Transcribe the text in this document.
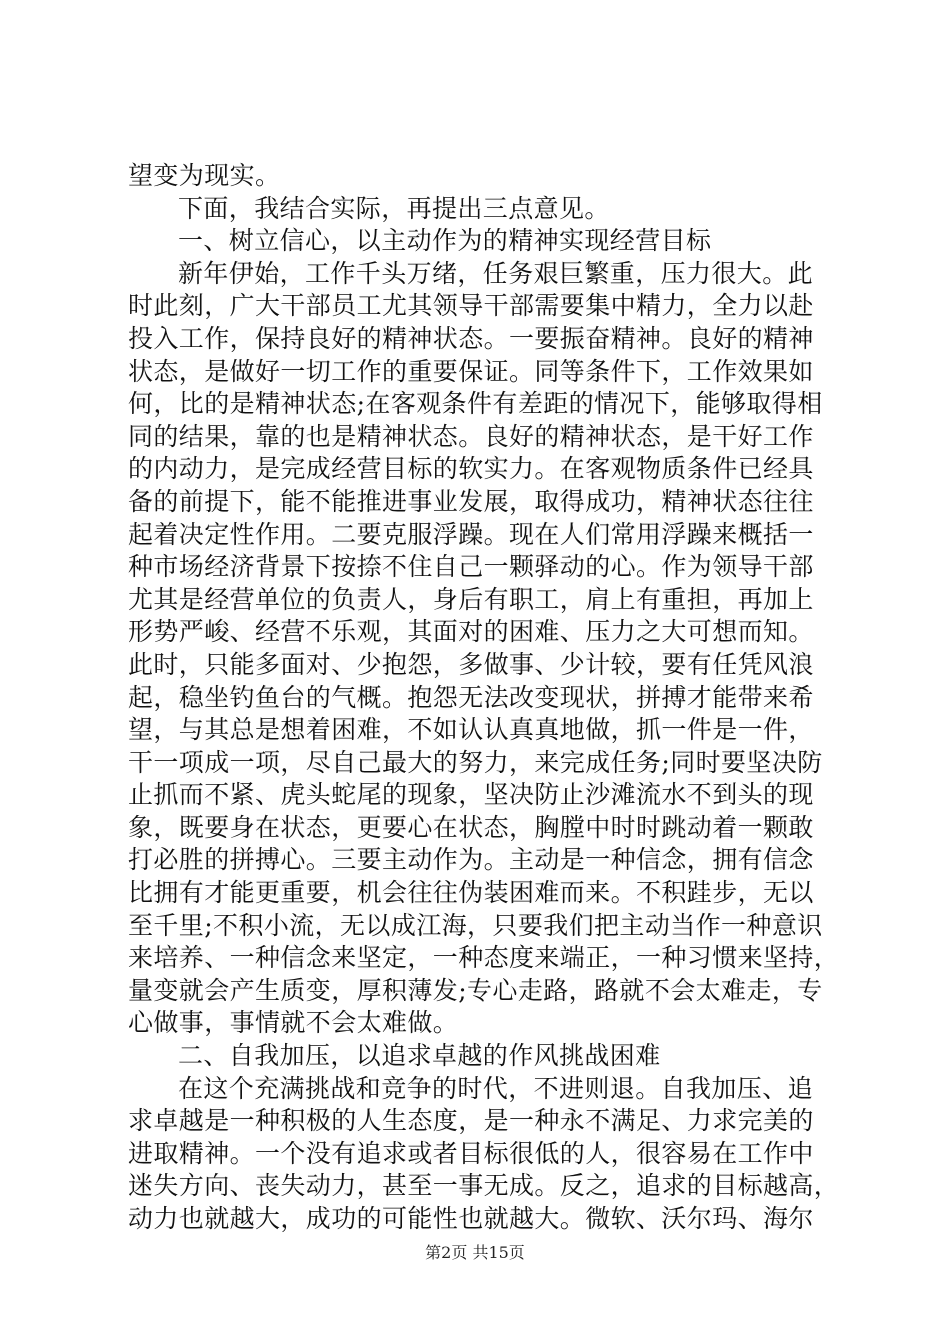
望变为现实。
下面，我结合实际，再提出三点意见。
一、树立信心，以主动作为的精神实现经营目标
新年伊始，工作千头万绪，任务艰巨繁重，压力很大。此
时此刻，广大干部员工尤其领导干部需要集中精力，全力以赴
投入工作，保持良好的精神状态。一要振奋精神。良好的精神
状态，是做好一切工作的重要保证。同等条件下，工作效果如
何，比的是精神状态;在客观条件有差距的情况下，能够取得相
同的结果，靠的也是精神状态。良好的精神状态，是干好工作
的内动力，是完成经营目标的软实力。在客观物质条件已经具
备的前提下，能不能推进事业发展，取得成功，精神状态往往
起着决定性作用。二要克服浮躁。现在人们常用浮躁来概括一
种市场经济背景下按捺不住自己一颗驿动的心。作为领导干部
尤其是经营单位的负责人，身后有职工，肩上有重担，再加上
形势严峻、经营不乐观，其面对的困难、压力之大可想而知。
此时，只能多面对、少抱怨，多做事、少计较，要有任凭风浪
起，稳坐钓鱼台的气概。抱怨无法改变现状，拼搏才能带来希
望，与其总是想着困难，不如认认真真地做，抓一件是一件，
干一项成一项，尽自己最大的努力，来完成任务;同时要坚决防
止抓而不紧、虎头蛇尾的现象，坚决防止沙滩流水不到头的现
象，既要身在状态，更要心在状态，胸膛中时时跳动着一颗敢
打必胜的拼搏心。三要主动作为。主动是一种信念，拥有信念
比拥有才能更重要，机会往往伪装困难而来。不积跬步，无以
至千里;不积小流，无以成江海，只要我们把主动当作一种意识
来培养、一种信念来坚定，一种态度来端正，一种习惯来坚持，
量变就会产生质变，厚积薄发;专心走路，路就不会太难走，专
心做事，事情就不会太难做。
二、自我加压，以追求卓越的作风挑战困难
在这个充满挑战和竞争的时代，不进则退。自我加压、追
求卓越是一种积极的人生态度，是一种永不满足、力求完美的
进取精神。一个没有追求或者目标很低的人，很容易在工作中
迷失方向、丧失动力，甚至一事无成。反之，追求的目标越高，
动力也就越大，成功的可能性也就越大。微软、沃尔玛、海尔
第2页 共15页
